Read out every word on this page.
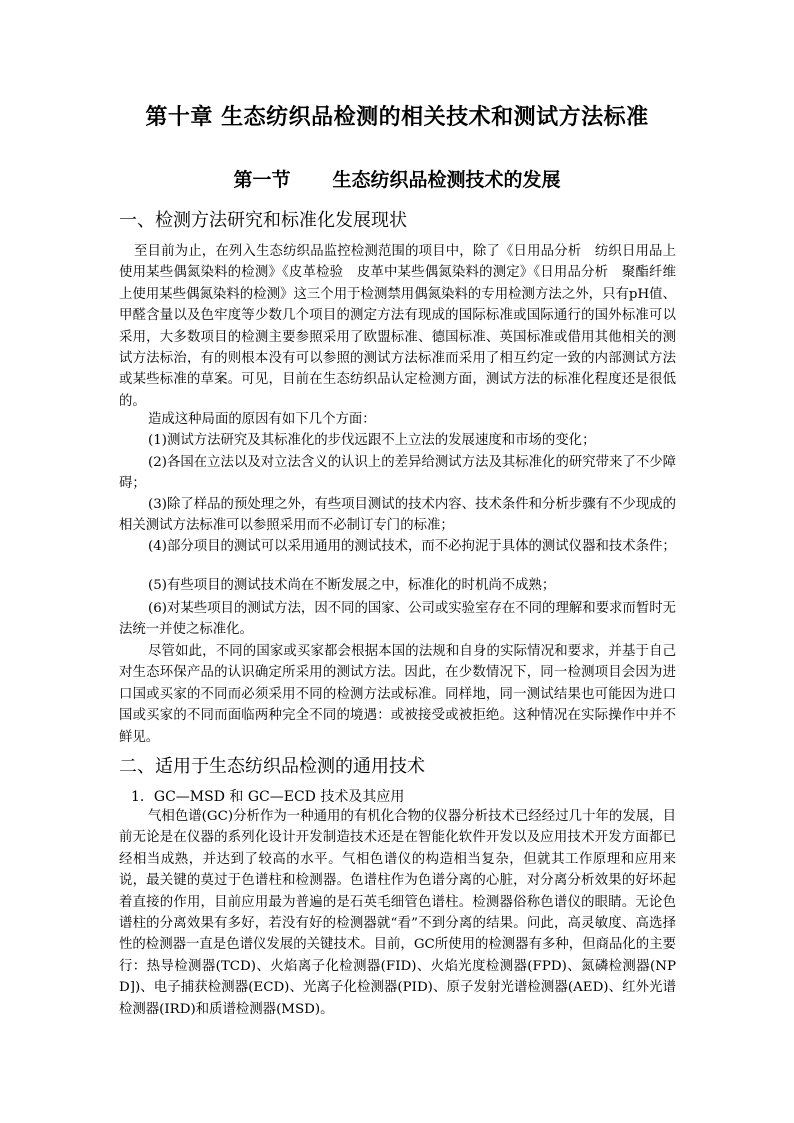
第十章 生态纺织品检测的相关技术和测试方法标准
第一节 生态纺织品检测技术的发展
一、检测方法研究和标准化发展现状

至目前为止，在列入生态纺织品监控检测范围的项目中，除了《日用品分析　纺织日用品上使用某些偶氮染料的检测》《皮革检验　皮革中某些偶氮染料的测定》《日用品分析　聚酯纤维上使用某些偶氮染料的检测》这三个用于检测禁用偶氮染料的专用检测方法之外，只有pH值、甲醛含量以及色牢度等少数几个项目的测定方法有现成的国际标准或国际通行的国外标准可以采用，大多数项目的检测主要参照采用了欧盟标准、德国标准、英国标准或借用其他相关的测试方法标治，有的则根本没有可以参照的测试方法标准而采用了相互约定一致的内部测试方法或某些标准的草案。可见，目前在生态纺织品认定检测方面，测试方法的标准化程度还是很低的。

造成这种局面的原因有如下几个方面：

(1)测试方法研究及其标准化的步伐远跟不上立法的发展速度和市场的变化；

(2)各国在立法以及对立法含义的认识上的差异给测试方法及其标准化的研究带来了不少障碍；

(3)除了样品的预处理之外，有些项目测试的技术内容、技术条件和分析步骤有不少现成的相关测试方法标准可以参照采用而不必制订专门的标准；

(4)部分项目的测试可以采用通用的测试技术，而不必拘泥于具体的测试仪器和技术条件；

(5)有些项目的测试技术尚在不断发展之中，标准化的时机尚不成熟；

(6)对某些项目的测试方法，因不同的国家、公司或实验室存在不同的理解和要求而暂时无法统一并使之标准化。

尽管如此，不同的国家或买家都会根据本国的法规和自身的实际情况和要求，并基于自己对生态环保产品的认识确定所采用的测试方法。因此，在少数情况下，同一检测项目会因为进口国或买家的不同而必须采用不同的检测方法或标准。同样地，同一测试结果也可能因为进口国或买家的不同而面临两种完全不同的境遇：或被接受或被拒绝。这种情况在实际操作中并不鲜见。

二、适用于生态纺织品检测的通用技术
1．GC—MSD 和 GC—ECD 技术及其应用

气相色谱(GC)分析作为一种通用的有机化合物的仪器分析技术已经经过几十年的发展，目前无论是在仪器的系列化设计开发制造技术还是在智能化软件开发以及应用技术开发方面都已经相当成熟，并达到了较高的水平。气相色谱仪的构造相当复杂，但就其工作原理和应用来说，最关键的莫过于色谱柱和检测器。色谱柱作为色谱分离的心脏，对分离分析效果的好坏起着直接的作用，目前应用最为普遍的是石英毛细管色谱柱。检测器俗称色谱仪的眼睛。无论色谱柱的分离效果有多好，若没有好的检测器就“看”不到分离的结果。问此，高灵敏度、高选择性的检测器一直是色谱仪发展的关键技术。目前，GC所使用的检测器有多种，但商品化的主要行：热导检测器(TCD)、火焰离子化检测器(FID)、火焰光度检测器(FPD)、氮磷检测器(NPD])、电子捕获检测器(ECD)、光离子化检测器(PID)、原子发射光谱检测器(AED)、红外光谱检测器(IRD)和质谱检测器(MSD)。
